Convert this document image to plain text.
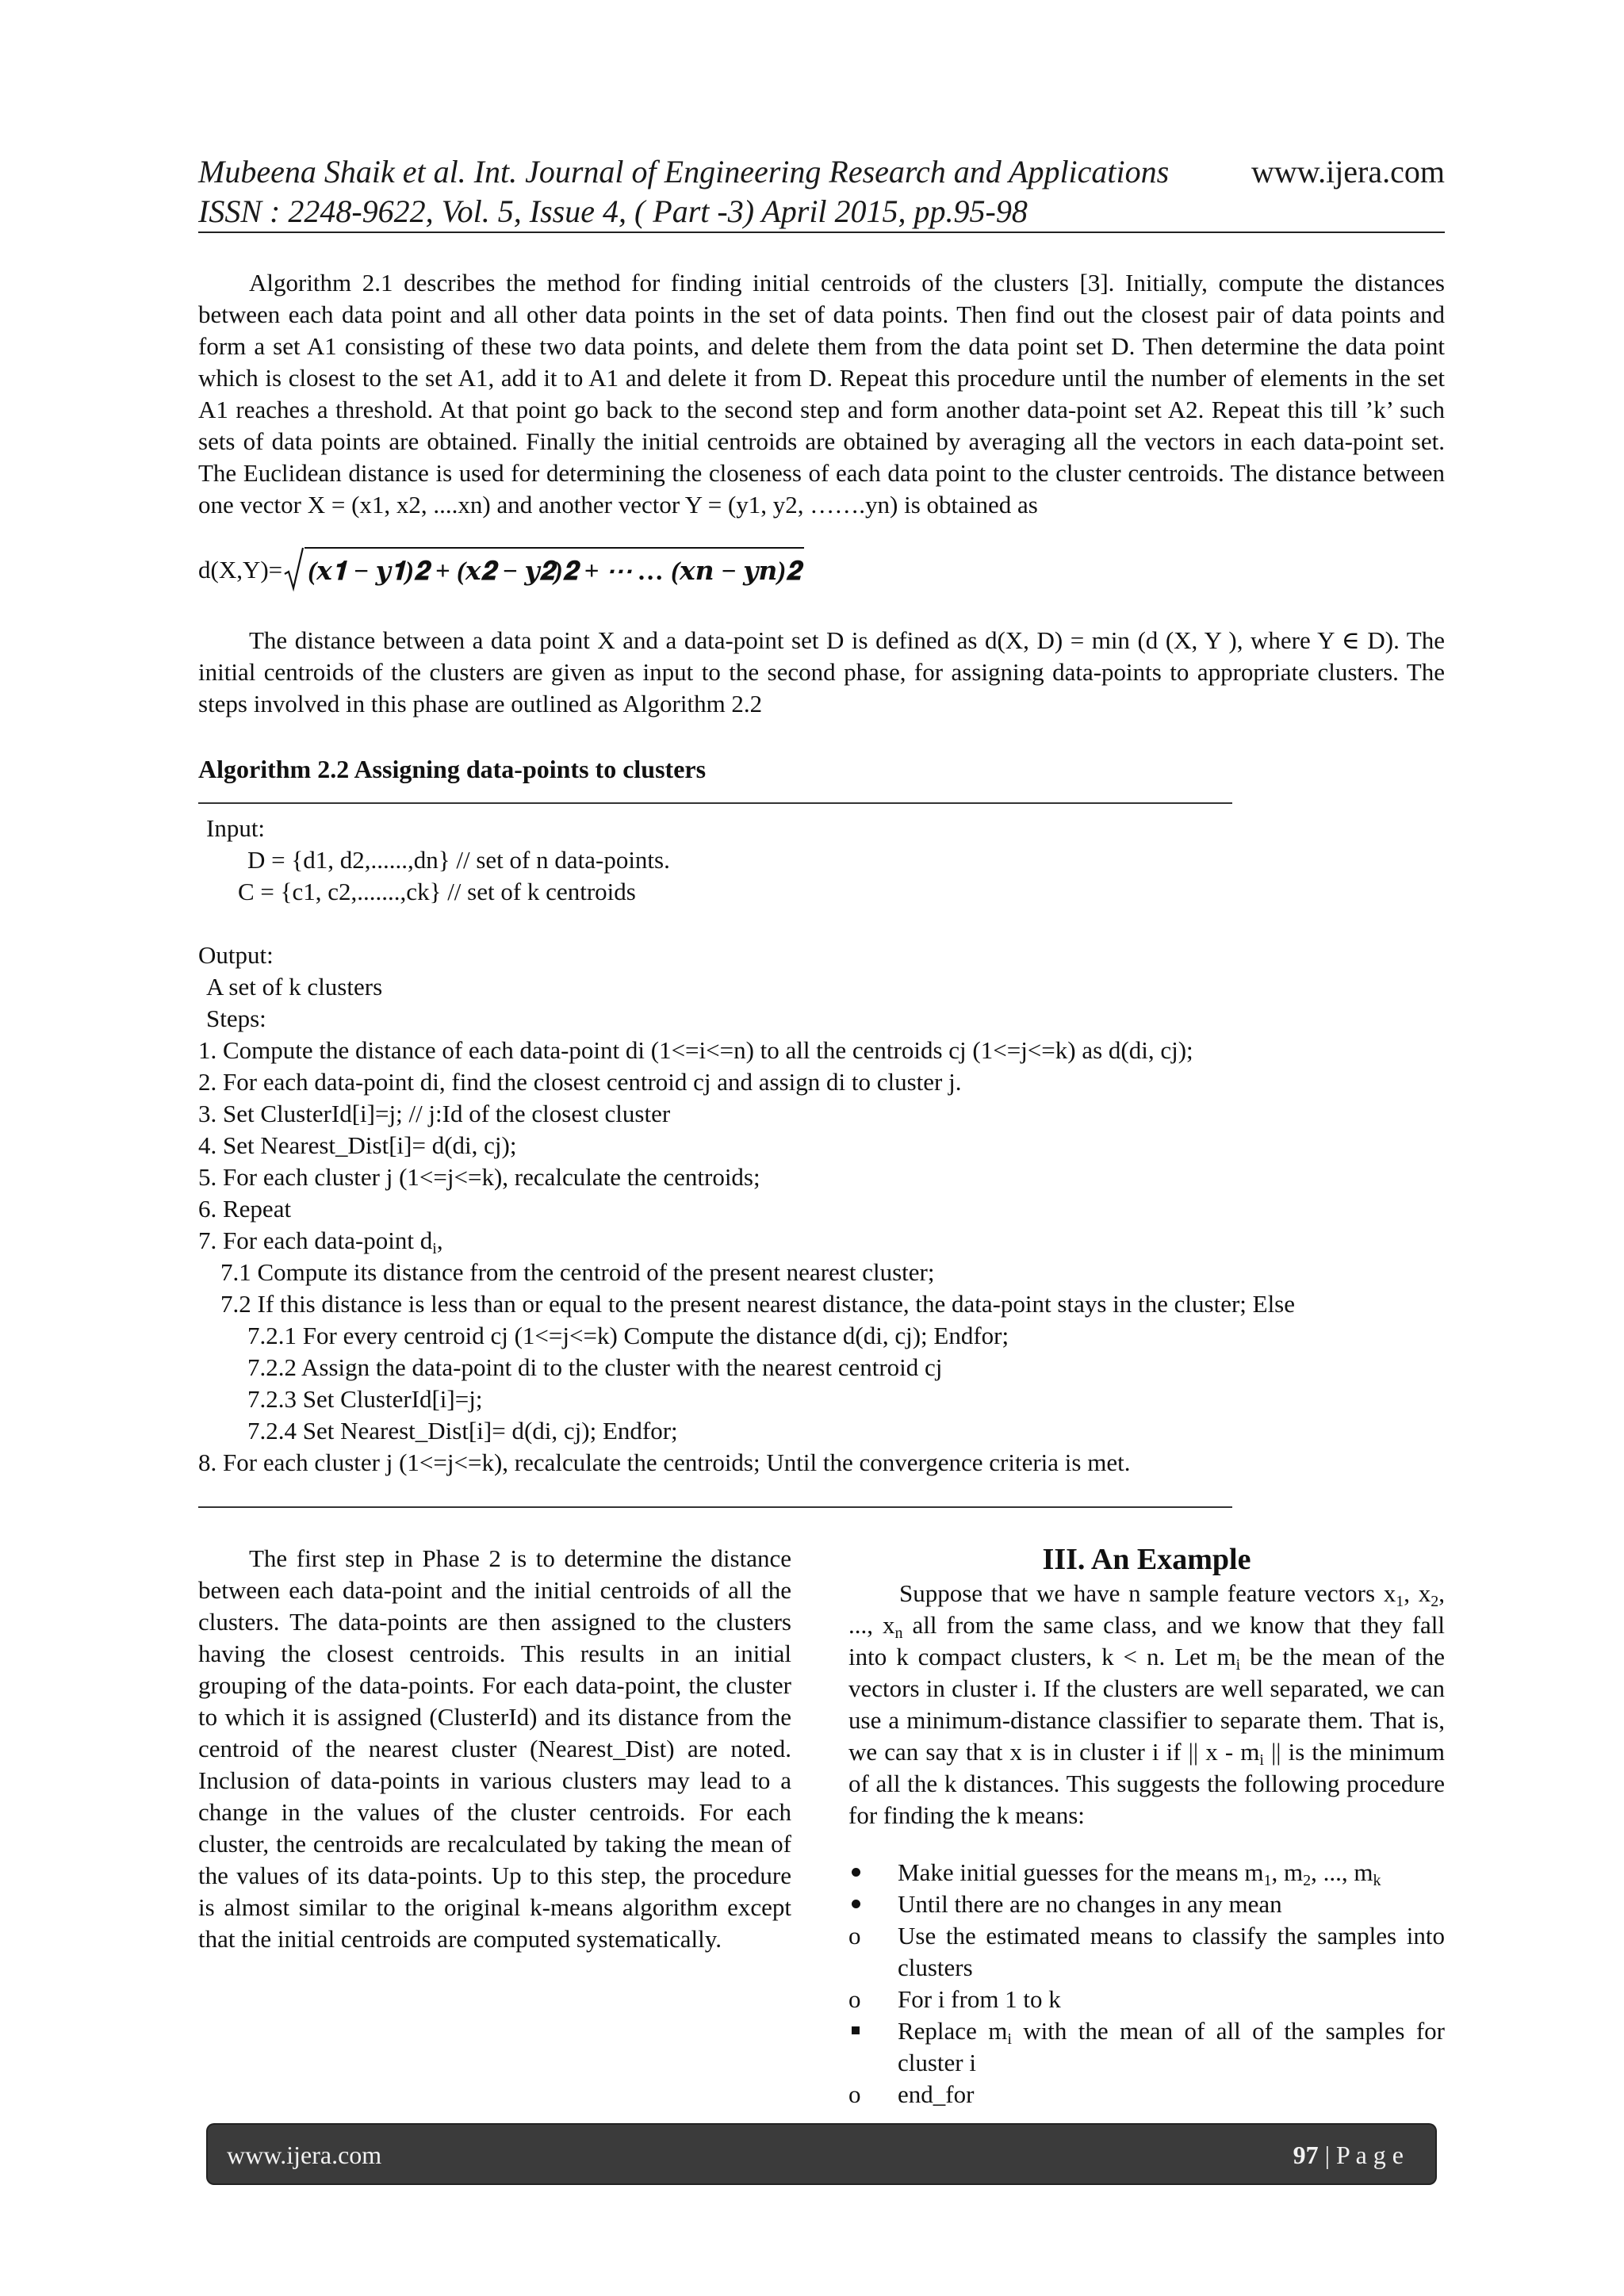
Mubeena Shaik et al. Int. Journal of Engineering Research and Applications
ISSN : 2248-9622, Vol. 5, Issue 4, ( Part -3) April 2015, pp.95-98
www.ijera.com
Algorithm 2.1 describes the method for finding initial centroids of the clusters [3]. Initially, compute the distances between each data point and all other data points in the set of data points. Then find out the closest pair of data points and form a set A1 consisting of these two data points, and delete them from the data point set D. Then determine the data point which is closest to the set A1, add it to A1 and delete it from D. Repeat this procedure until the number of elements in the set A1 reaches a threshold. At that point go back to the second step and form another data-point set A2. Repeat this till ’k’ such sets of data points are obtained. Finally the initial centroids are obtained by averaging all the vectors in each data-point set. The Euclidean distance is used for determining the closeness of each data point to the cluster centroids. The distance between one vector X = (x1, x2, ....xn) and another vector Y = (y1, y2, …….yn) is obtained as
d(X,Y)= (𝒙𝟏 − 𝒚𝟏)𝟐 + (𝒙𝟐 − 𝒚𝟐)𝟐 + ⋯ … (𝒙𝒏 − 𝒚𝒏)𝟐
The distance between a data point X and a data-point set D is defined as d(X, D) = min (d (X, Y ), where Y ∈ D). The initial centroids of the clusters are given as input to the second phase, for assigning data-points to appropriate clusters. The steps involved in this phase are outlined as Algorithm 2.2
Algorithm 2.2 Assigning data-points to clusters
Input:
D = {d1, d2,......,dn} // set of n data-points.
C = {c1, c2,.......,ck} // set of k centroids
Output:
A set of k clusters
Steps:
1. Compute the distance of each data-point di (1<=i<=n) to all the centroids cj (1<=j<=k) as d(di, cj);
2. For each data-point di, find the closest centroid cj and assign di to cluster j.
3. Set ClusterId[i]=j; // j:Id of the closest cluster
4. Set Nearest_Dist[i]= d(di, cj);
5. For each cluster j (1<=j<=k), recalculate the centroids;
6. Repeat
7. For each data-point $d_i$,
7.1 Compute its distance from the centroid of the present nearest cluster;
7.2 If this distance is less than or equal to the present nearest distance, the data-point stays in the cluster; Else
7.2.1 For every centroid cj (1<=j<=k) Compute the distance d(di, cj); Endfor;
7.2.2 Assign the data-point di to the cluster with the nearest centroid cj
7.2.3 Set ClusterId[i]=j;
7.2.4 Set Nearest_Dist[i]= d(di, cj); Endfor;
8. For each cluster j (1<=j<=k), recalculate the centroids; Until the convergence criteria is met.
The first step in Phase 2 is to determine the distance between each data-point and the initial centroids of all the clusters. The data-points are then assigned to the clusters having the closest centroids. This results in an initial grouping of the data-points. For each data-point, the cluster to which it is assigned (ClusterId) and its distance from the centroid of the nearest cluster (Nearest_Dist) are noted. Inclusion of data-points in various clusters may lead to a change in the values of the cluster centroids. For each cluster, the centroids are recalculated by taking the mean of the values of its data-points. Up to this step, the procedure is almost similar to the original k-means algorithm except that the initial centroids are computed systematically.
III. An Example
Suppose that we have n sample feature vectors $x_1$, $x_2$, ..., $x_n$ all from the same class, and we know that they fall into k compact clusters, k < n. Let $m_i$ be the mean of the vectors in cluster i. If the clusters are well separated, we can use a minimum-distance classifier to separate them. That is, we can say that x is in cluster i if || x - $m_i$ || is the minimum of all the k distances. This suggests the following procedure for finding the k means:
Make initial guesses for the means $m_1$, $m_2$, ..., $m_k$
Until there are no changes in any mean
o	Use the estimated means to classify the samples into clusters
o	For i from 1 to k
Replace $m_i$ with the mean of all of the samples for cluster i
o	end_for
www.ijera.com	97 | P a g e
